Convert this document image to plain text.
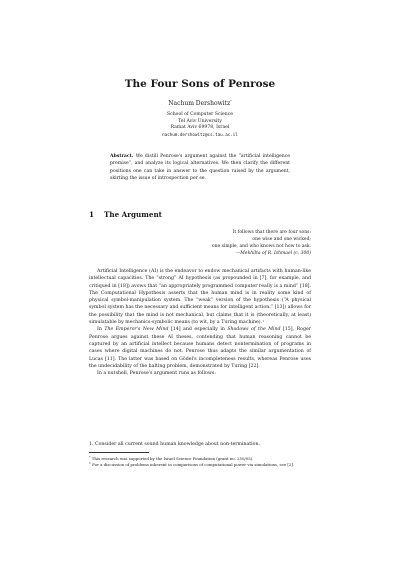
The Four Sons of Penrose
Nachum Dershowitz*
School of Computer Science
Tel Aviv University
Ramat Aviv 69978, Israel
nachum.dershowitz@cs.tau.ac.il
Abstract. We distill Penrose's argument against the “artificial intelligence premise”, and analyze its logical alternatives. We then clarify the different positions one can take in answer to the question raised by the argument, skirting the issue of introspection per se.
1 The Argument
It follows that there are four sons:
one wise and one wicked;
one simple, and who knows not how to ask.
—Mekhilta of R. Ishmael (c. 300)

Artificial Intelligence (AI) is the endeavor to endow mechanical artifacts with human-like intellectual capacities. The “strong” AI hypothesis (as propounded in [7], for example, and critiqued in [18]) avows that “an appropriately programmed computer really is a mind” [18]. The Computational Hypothesis asserts that the human mind is in reality some kind of physical symbol-manipulation system. The “weak” version of the hypothesis (“A physical symbol system has the necessary and sufficient means for intelligent action.” [13]) allows for the possibility that the mind is not mechanical, but claims that it is (theoretically, at least) simulatable by mechanics-symbolic means (to wit, by a Turing machine).$^1$

In The Emperor's New Mind [14] and especially in Shadows of the Mind [15], Roger Penrose argues against these AI theses, contending that human reasoning cannot be captured by an artificial intellect because humans detect nontermination of programs in cases where digital machines do not. Penrose thus adapts the similar argumentation of Lucas [11]. The latter was based on Gödel's incompleteness results, whereas Penrose uses the undecidability of the halting problem, demonstrated by Turing [22].

In a nutshell, Penrose's argument runs as follows:

1. Consider all current sound human knowledge about non-termination.
* This research was supported by the Israel Science Foundation (grant no. 250/05).
$^1$ For a discussion of problems inherent in comparisons of computational power via simulations, see [2].
